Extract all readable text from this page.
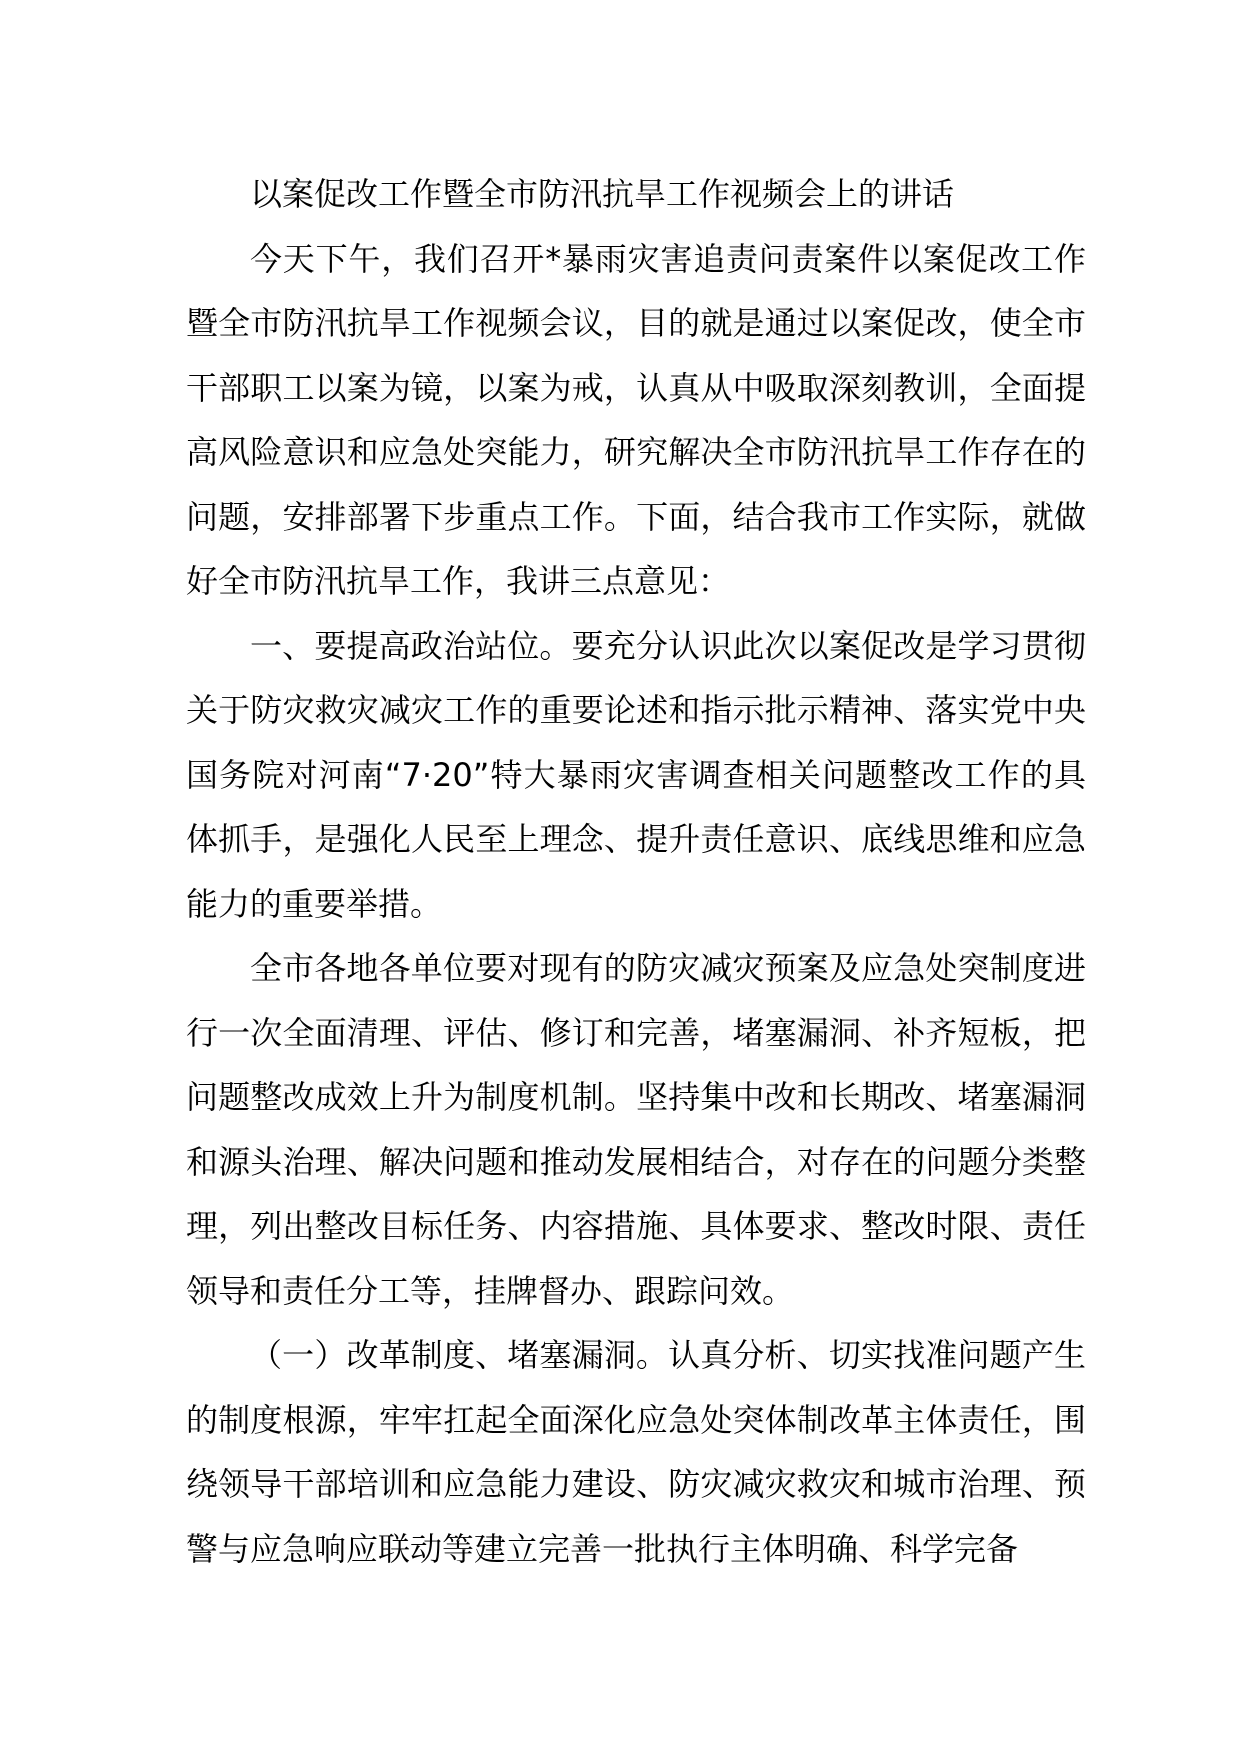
以案促改工作暨全市防汛抗旱工作视频会上的讲话

今天下午，我们召开*暴雨灾害追责问责案件以案促改工作暨全市防汛抗旱工作视频会议，目的就是通过以案促改，使全市干部职工以案为镜，以案为戒，认真从中吸取深刻教训，全面提高风险意识和应急处突能力，研究解决全市防汛抗旱工作存在的问题，安排部署下步重点工作。下面，结合我市工作实际，就做好全市防汛抗旱工作，我讲三点意见：

一、要提高政治站位。要充分认识此次以案促改是学习贯彻关于防灾救灾减灾工作的重要论述和指示批示精神、落实党中央国务院对河南“7·20”特大暴雨灾害调查相关问题整改工作的具体抓手，是强化人民至上理念、提升责任意识、底线思维和应急能力的重要举措。

全市各地各单位要对现有的防灾减灾预案及应急处突制度进行一次全面清理、评估、修订和完善，堵塞漏洞、补齐短板，把问题整改成效上升为制度机制。坚持集中改和长期改、堵塞漏洞和源头治理、解决问题和推动发展相结合，对存在的问题分类整理，列出整改目标任务、内容措施、具体要求、整改时限、责任领导和责任分工等，挂牌督办、跟踪问效。

（一）改革制度、堵塞漏洞。认真分析、切实找准问题产生的制度根源，牢牢扛起全面深化应急处突体制改革主体责任，围绕领导干部培训和应急能力建设、防灾减灾救灾和城市治理、预警与应急响应联动等建立完善一批执行主体明确、科学完备
